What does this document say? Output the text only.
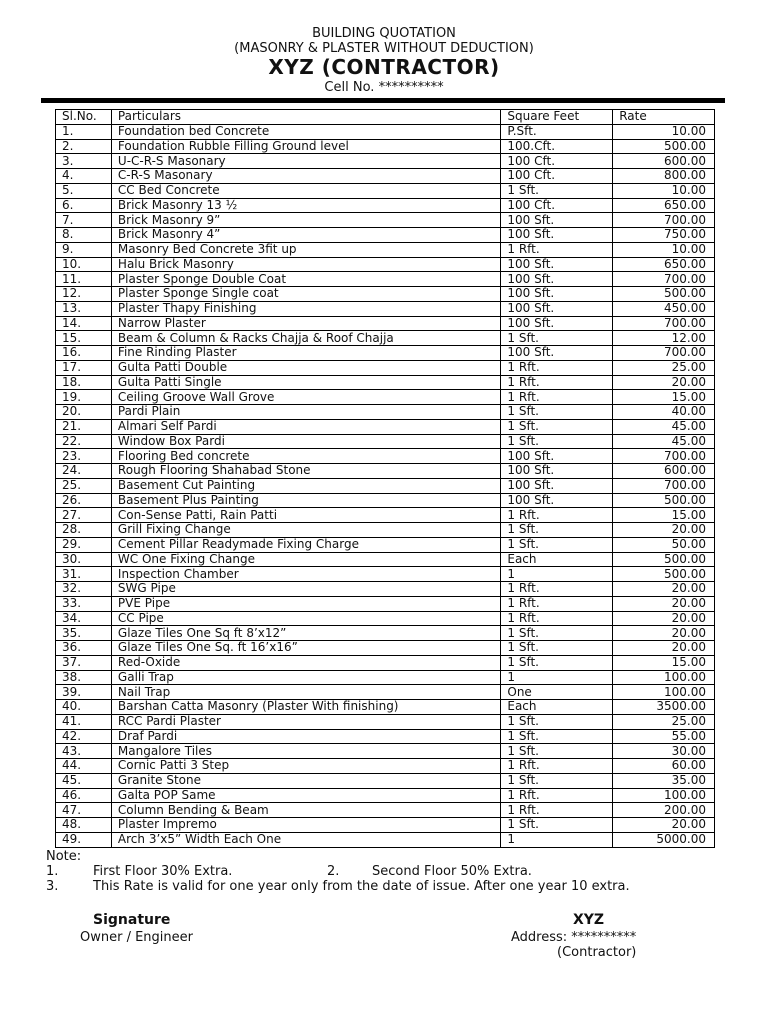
BUILDING QUOTATION
(MASONRY & PLASTER WITHOUT DEDUCTION)
XYZ (CONTRACTOR)
Cell No. **********
Sl.No.	Particulars	Square Feet	Rate
1.	Foundation bed Concrete	P.Sft.	10.00
2.	Foundation Rubble Filling Ground level	100.Cft.	500.00
3.	U-C-R-S Masonary	100 Cft.	600.00
4.	C-R-S Masonary	100 Cft.	800.00
5.	CC Bed Concrete	1 Sft.	10.00
6.	Brick Masonry 13 ½	100 Cft.	650.00
7.	Brick Masonry 9”	100 Sft.	700.00
8.	Brick Masonry 4”	100 Sft.	750.00
9.	Masonry Bed Concrete 3fit up	1 Rft.	10.00
10.	Halu Brick Masonry	100 Sft.	650.00
11.	Plaster Sponge Double Coat	100 Sft.	700.00
12.	Plaster Sponge Single coat	100 Sft.	500.00
13.	Plaster Thapy Finishing	100 Sft.	450.00
14.	Narrow Plaster	100 Sft.	700.00
15.	Beam & Column & Racks Chajja & Roof Chajja	1 Sft.	12.00
16.	Fine Rinding Plaster	100 Sft.	700.00
17.	Gulta Patti Double	1 Rft.	25.00
18.	Gulta Patti Single	1 Rft.	20.00
19.	Ceiling Groove Wall Grove	1 Rft.	15.00
20.	Pardi Plain	1 Sft.	40.00
21.	Almari Self Pardi	1 Sft.	45.00
22.	Window Box Pardi	1 Sft.	45.00
23.	Flooring Bed concrete	100 Sft.	700.00
24.	Rough Flooring Shahabad Stone	100 Sft.	600.00
25.	Basement Cut Painting	100 Sft.	700.00
26.	Basement Plus Painting	100 Sft.	500.00
27.	Con-Sense Patti, Rain Patti	1 Rft.	15.00
28.	Grill Fixing Change	1 Sft.	20.00
29.	Cement Pillar Readymade Fixing Charge	1 Sft.	50.00
30.	WC One Fixing Change	Each	500.00
31.	Inspection Chamber	1	500.00
32.	SWG Pipe	1 Rft.	20.00
33.	PVE Pipe	1 Rft.	20.00
34.	CC Pipe	1 Rft.	20.00
35.	Glaze Tiles One Sq ft 8’x12”	1 Sft.	20.00
36.	Glaze Tiles One Sq. ft 16’x16”	1 Sft.	20.00
37.	Red-Oxide	1 Sft.	15.00
38.	Galli Trap	1	100.00
39.	Nail Trap	One	100.00
40.	Barshan Catta Masonry (Plaster With finishing)	Each	3500.00
41.	RCC Pardi Plaster	1 Sft.	25.00
42.	Draf Pardi	1 Sft.	55.00
43.	Mangalore Tiles	1 Sft.	30.00
44.	Cornic Patti 3 Step	1 Rft.	60.00
45.	Granite Stone	1 Sft.	35.00
46.	Galta POP Same	1 Rft.	100.00
47.	Column Bending & Beam	1 Rft.	200.00
48.	Plaster Impremo	1 Sft.	20.00
49.	Arch 3’x5” Width Each One	1	5000.00
Note:
1.	First Floor 30% Extra.	2.	Second Floor 50% Extra.
3.	This Rate is valid for one year only from the date of issue. After one year 10 extra.
Signature
Owner / Engineer
XYZ
Address: **********
(Contractor)
